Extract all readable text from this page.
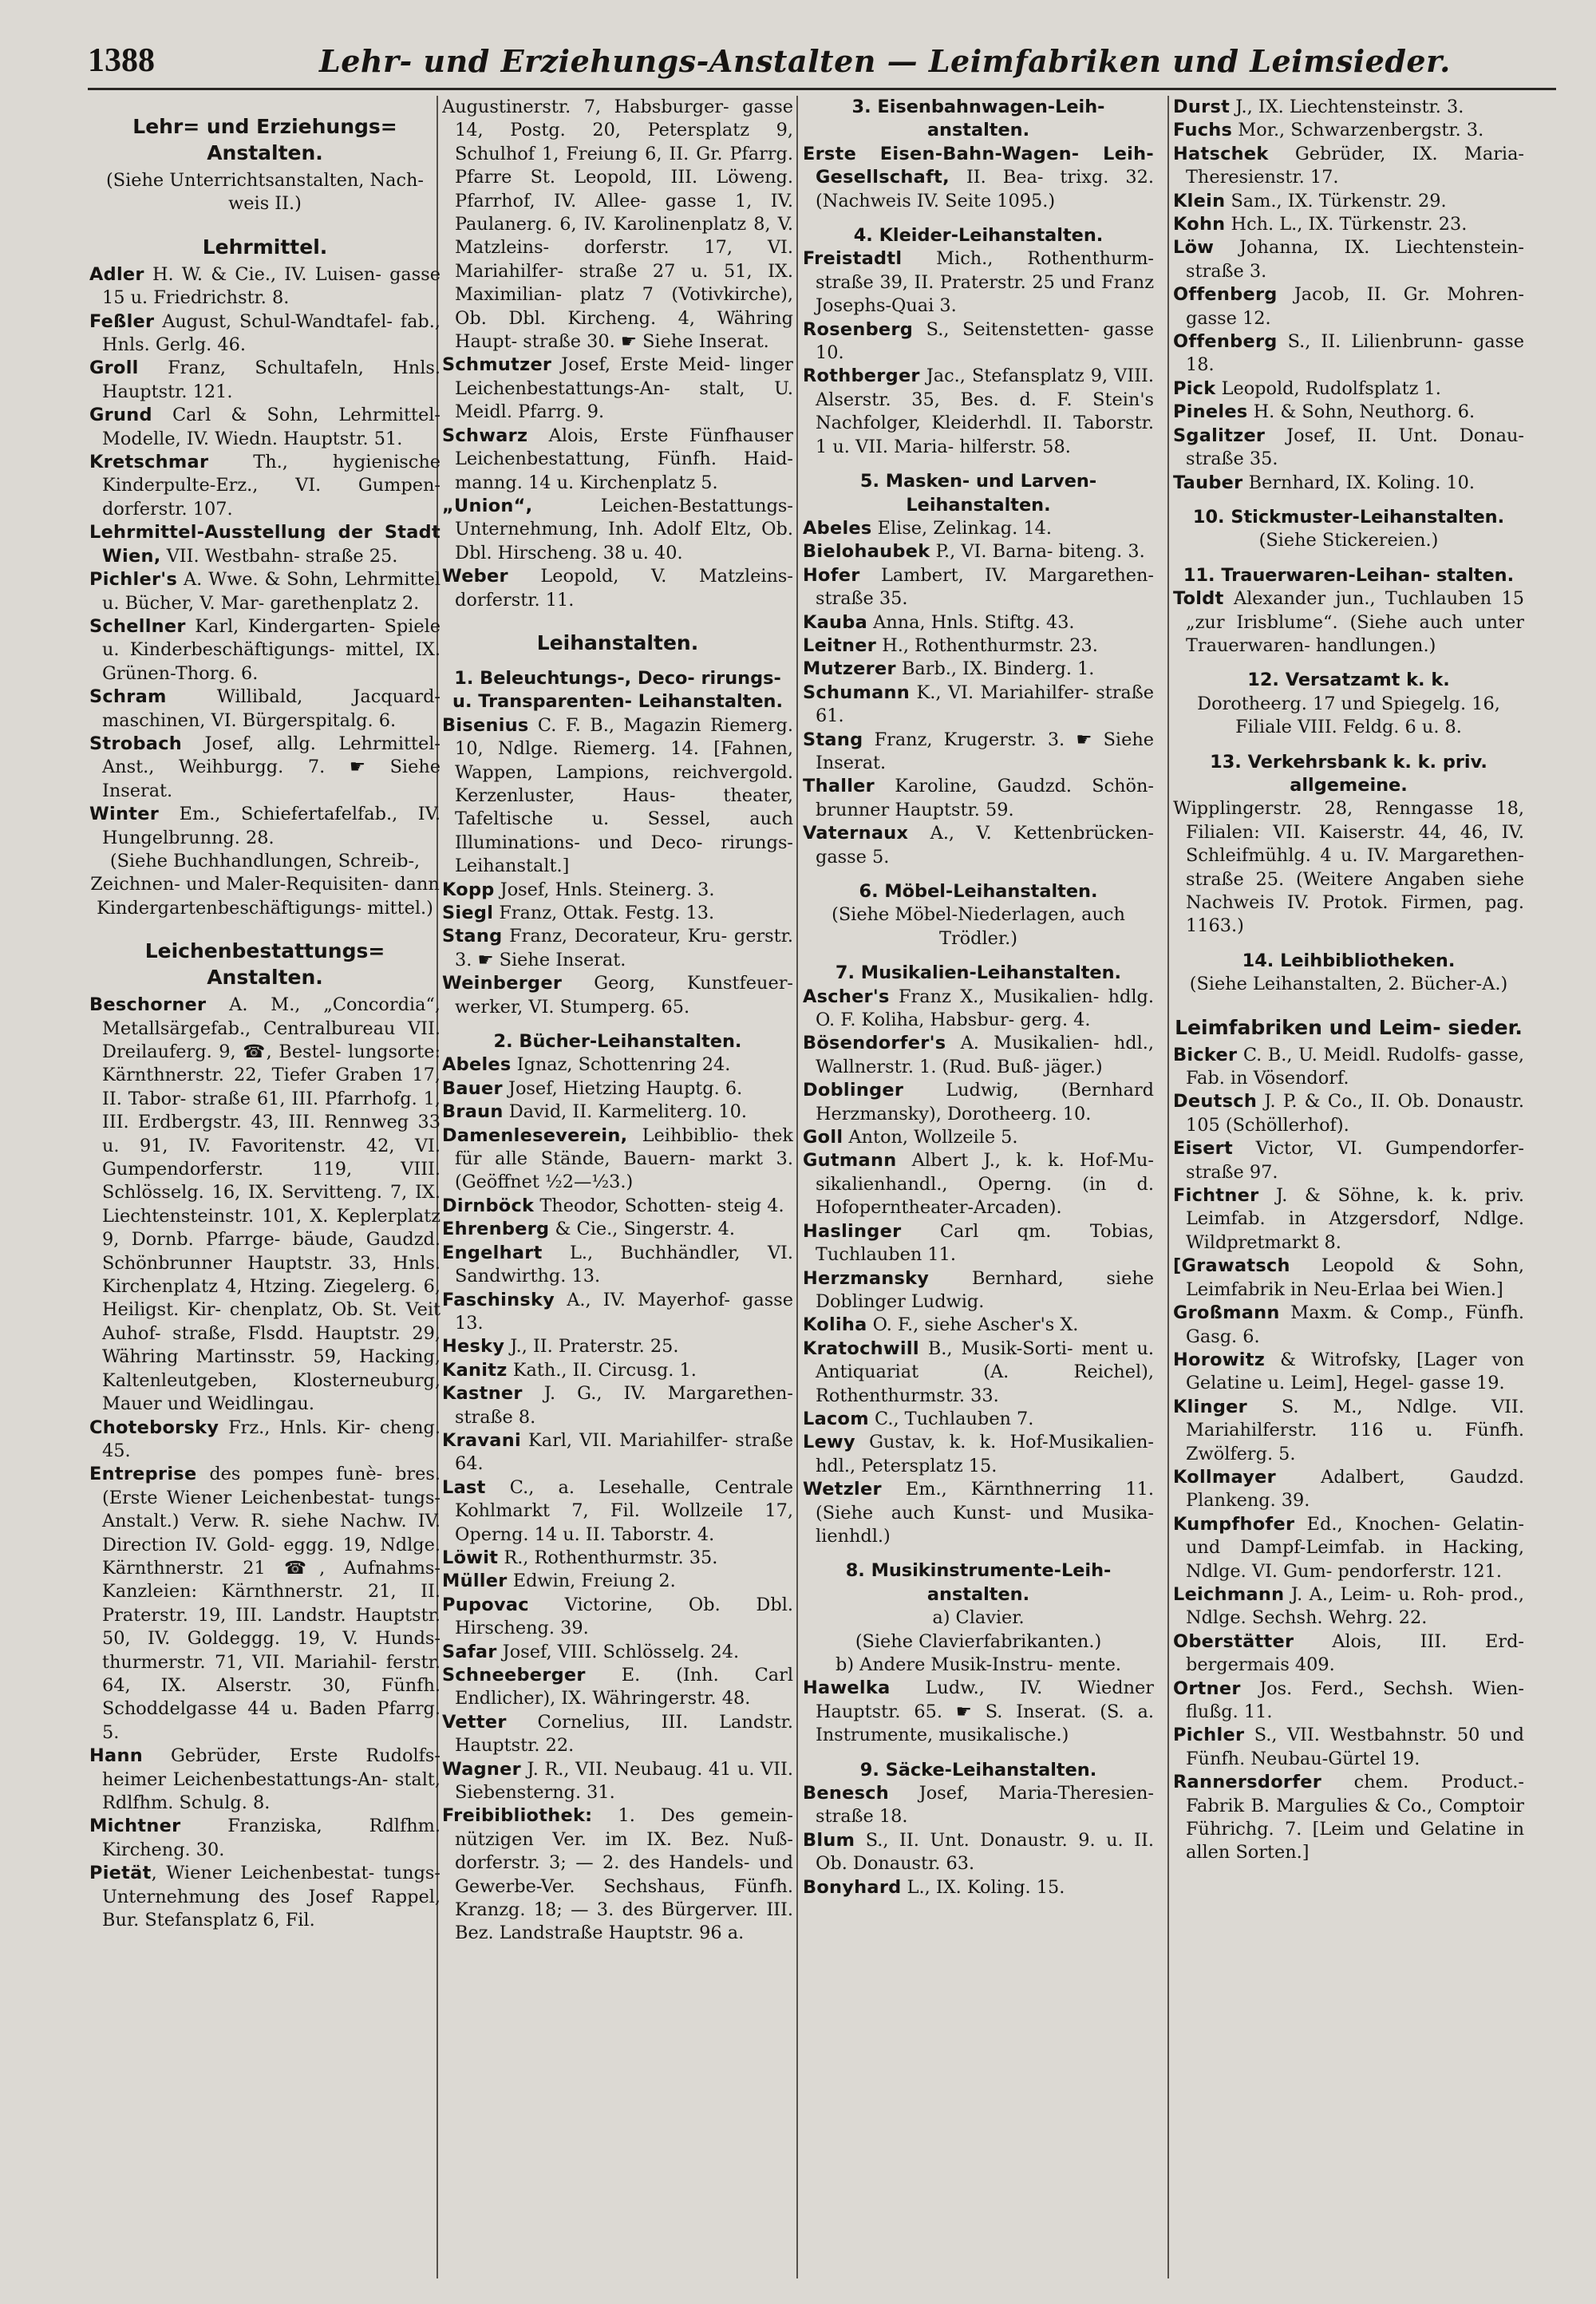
1388	Lehr- und Erziehungs-Anstalten — Leimfabriken und Leimsieder.
Lehr= und Erziehungs= Anstalten.
(Siehe Unterrichtsanstalten, Nach- weis II.)
Lehrmittel.
Adler H. W. & Cie., IV. Luisen- gasse 15 u. Friedrichstr. 8.
Feßler August, Schul-Wandtafel- fab., Hnls. Gerlg. 46.
Groll Franz, Schultafeln, Hnls. Hauptstr. 121.
Grund Carl & Sohn, Lehrmittel- Modelle, IV. Wiedn. Hauptstr. 51.
Kretschmar Th., hygienische Kinderpulte-Erz., VI. Gumpen- dorferstr. 107.
Lehrmittel-Ausstellung der Stadt Wien, VII. Westbahn- straße 25.
Pichler's A. Wwe. & Sohn, Lehrmittel u. Bücher, V. Mar- garethenplatz 2.
Schellner Karl, Kindergarten- Spiele u. Kinderbeschäftigungs- mittel, IX. Grünen-Thorg. 6.
Schram Willibald, Jacquard- maschinen, VI. Bürgerspitalg. 6.
Strobach Josef, allg. Lehrmittel- Anst., Weihburgg. 7. ☛ Siehe Inserat.
Winter Em., Schiefertafelfab., IV. Hungelbrunng. 28.
(Siehe Buchhandlungen, Schreib-, Zeichnen- und Maler-Requisiten- dann Kindergartenbeschäftigungs- mittel.)
Leichenbestattungs= Anstalten.
Beschorner A. M., „Concordia“, Metallsärgefab., Centralbureau VII. Dreilauferg. 9, ☎, Bestel- lungsorte: Kärnthnerstr. 22, Tiefer Graben 17, II. Tabor- straße 61, III. Pfarrhofg. 1, III. Erdbergstr. 43, III. Rennweg 33 u. 91, IV. Favoritenstr. 42, VI. Gumpendorferstr. 119, VIII. Schlösselg. 16, IX. Servitteng. 7, IX. Liechtensteinstr. 101, X. Keplerplatz 9, Dornb. Pfarrge- bäude, Gaudzd. Schönbrunner Hauptstr. 33, Hnls. Kirchenplatz 4, Htzing. Ziegelerg. 6, Heiligst. Kir- chenplatz, Ob. St. Veit Auhof- straße, Flsdd. Hauptstr. 29, Währing Martinsstr. 59, Hacking, Kaltenleutgeben, Klosterneuburg, Mauer und Weidlingau.
Choteborsky Frz., Hnls. Kir- cheng. 45.
Entreprise des pompes funè- bres. (Erste Wiener Leichenbestat- tungs-Anstalt.) Verw. R. siehe Nachw. IV. Direction IV. Gold- eggg. 19, Ndlge. Kärnthnerstr. 21 ☎, Aufnahms-Kanzleien: Kärnthnerstr. 21, II. Praterstr. 19, III. Landstr. Hauptstr. 50, IV. Goldeggg. 19, V. Hunds- thurmerstr. 71, VII. Mariahil- ferstr. 64, IX. Alserstr. 30, Fünfh. Schoddelgasse 44 u. Baden Pfarrg. 5.
Hann Gebrüder, Erste Rudolfs- heimer Leichenbestattungs-An- stalt, Rdlfhm. Schulg. 8.
Michtner Franziska, Rdlfhm. Kircheng. 30.
Pietät, Wiener Leichenbestat- tungs-Unternehmung des Josef Rappel, Bur. Stefansplatz 6, Fil.
Augustinerstr. 7, Habsburger- gasse 14, Postg. 20, Petersplatz 9, Schulhof 1, Freiung 6, II. Gr. Pfarrg. Pfarre St. Leopold, III. Löweng. Pfarrhof, IV. Allee- gasse 1, IV. Paulanerg. 6, IV. Karolinenplatz 8, V. Matzleins- dorferstr. 17, VI. Mariahilfer- straße 27 u. 51, IX. Maximilian- platz 7 (Votivkirche), Ob. Dbl. Kircheng. 4, Währing Haupt- straße 30. ☛ Siehe Inserat.
Schmutzer Josef, Erste Meid- linger Leichenbestattungs-An- stalt, U. Meidl. Pfarrg. 9.
Schwarz Alois, Erste Fünfhauser Leichenbestattung, Fünfh. Haid- manng. 14 u. Kirchenplatz 5.
„Union“, Leichen-Bestattungs- Unternehmung, Inh. Adolf Eltz, Ob. Dbl. Hirscheng. 38 u. 40.
Weber Leopold, V. Matzleins- dorferstr. 11.
Leihanstalten.
1. Beleuchtungs-, Deco- rirungs- u. Transparenten- Leihanstalten.
Bisenius C. F. B., Magazin Riemerg. 10, Ndlge. Riemerg. 14. [Fahnen, Wappen, Lampions, reichvergold. Kerzenluster, Haus- theater, Tafeltische u. Sessel, auch Illuminations- und Deco- rirungs-Leihanstalt.]
Kopp Josef, Hnls. Steinerg. 3.
Siegl Franz, Ottak. Festg. 13.
Stang Franz, Decorateur, Kru- gerstr. 3. ☛ Siehe Inserat.
Weinberger Georg, Kunstfeuer- werker, VI. Stumperg. 65.
2. Bücher-Leihanstalten.
Abeles Ignaz, Schottenring 24.
Bauer Josef, Hietzing Hauptg. 6.
Braun David, II. Karmeliterg. 10.
Damenleseverein, Leihbiblio- thek für alle Stände, Bauern- markt 3. (Geöffnet ½2—½3.)
Dirnböck Theodor, Schotten- steig 4.
Ehrenberg & Cie., Singerstr. 4.
Engelhart L., Buchhändler, VI. Sandwirthg. 13.
Faschinsky A., IV. Mayerhof- gasse 13.
Hesky J., II. Praterstr. 25.
Kanitz Kath., II. Circusg. 1.
Kastner J. G., IV. Margarethen- straße 8.
Kravani Karl, VII. Mariahilfer- straße 64.
Last C., a. Lesehalle, Centrale Kohlmarkt 7, Fil. Wollzeile 17, Operng. 14 u. II. Taborstr. 4.
Löwit R., Rothenthurmstr. 35.
Müller Edwin, Freiung 2.
Pupovac Victorine, Ob. Dbl. Hirscheng. 39.
Safar Josef, VIII. Schlösselg. 24.
Schneeberger E. (Inh. Carl Endlicher), IX. Währingerstr. 48.
Vetter Cornelius, III. Landstr. Hauptstr. 22.
Wagner J. R., VII. Neubaug. 41 u. VII. Siebensterng. 31.
Freibibliothek: 1. Des gemein- nützigen Ver. im IX. Bez. Nuß- dorferstr. 3; — 2. des Handels- und Gewerbe-Ver. Sechshaus, Fünfh. Kranzg. 18; — 3. des Bürgerver. III. Bez. Landstraße Hauptstr. 96 a.
3. Eisenbahnwagen-Leih- anstalten.
Erste Eisen-Bahn-Wagen- Leih-Gesellschaft, II. Bea- trixg. 32. (Nachweis IV. Seite 1095.)
4. Kleider-Leihanstalten.
Freistadtl Mich., Rothenthurm- straße 39, II. Praterstr. 25 und Franz Josephs-Quai 3.
Rosenberg S., Seitenstetten- gasse 10.
Rothberger Jac., Stefansplatz 9, VIII. Alserstr. 35, Bes. d. F. Stein's Nachfolger, Kleiderhdl. II. Taborstr. 1 u. VII. Maria- hilferstr. 58.
5. Masken- und Larven- Leihanstalten.
Abeles Elise, Zelinkag. 14.
Bielohaubek P., VI. Barna- biteng. 3.
Hofer Lambert, IV. Margarethen- straße 35.
Kauba Anna, Hnls. Stiftg. 43.
Leitner H., Rothenthurmstr. 23.
Mutzerer Barb., IX. Binderg. 1.
Schumann K., VI. Mariahilfer- straße 61.
Stang Franz, Krugerstr. 3. ☛ Siehe Inserat.
Thaller Karoline, Gaudzd. Schön- brunner Hauptstr. 59.
Vaternaux A., V. Kettenbrücken- gasse 5.
6. Möbel-Leihanstalten.
(Siehe Möbel-Niederlagen, auch Trödler.)
7. Musikalien-Leihanstalten.
Ascher's Franz X., Musikalien- hdlg. O. F. Koliha, Habsbur- gerg. 4.
Bösendorfer's A. Musikalien- hdl., Wallnerstr. 1. (Rud. Buß- jäger.)
Doblinger Ludwig, (Bernhard Herzmansky), Dorotheerg. 10.
Goll Anton, Wollzeile 5.
Gutmann Albert J., k. k. Hof-Mu- sikalienhandl., Operng. (in d. Hofoperntheater-Arcaden).
Haslinger Carl qm. Tobias, Tuchlauben 11.
Herzmansky Bernhard, siehe Doblinger Ludwig.
Koliha O. F., siehe Ascher's X.
Kratochwill B., Musik-Sorti- ment u. Antiquariat (A. Reichel), Rothenthurmstr. 33.
Lacom C., Tuchlauben 7.
Lewy Gustav, k. k. Hof-Musikalien- hdl., Petersplatz 15.
Wetzler Em., Kärnthnerring 11. (Siehe auch Kunst- und Musika- lienhdl.)
8. Musikinstrumente-Leih- anstalten.
a) Clavier.
(Siehe Clavierfabrikanten.)
b) Andere Musik-Instru- mente.
Hawelka Ludw., IV. Wiedner Hauptstr. 65. ☛ S. Inserat. (S. a. Instrumente, musikalische.)
9. Säcke-Leihanstalten.
Benesch Josef, Maria-Theresien- straße 18.
Blum S., II. Unt. Donaustr. 9. u. II. Ob. Donaustr. 63.
Bonyhard L., IX. Koling. 15.
Durst J., IX. Liechtensteinstr. 3.
Fuchs Mor., Schwarzenbergstr. 3.
Hatschek Gebrüder, IX. Maria- Theresienstr. 17.
Klein Sam., IX. Türkenstr. 29.
Kohn Hch. L., IX. Türkenstr. 23.
Löw Johanna, IX. Liechtenstein- straße 3.
Offenberg Jacob, II. Gr. Mohren- gasse 12.
Offenberg S., II. Lilienbrunn- gasse 18.
Pick Leopold, Rudolfsplatz 1.
Pineles H. & Sohn, Neuthorg. 6.
Sgalitzer Josef, II. Unt. Donau- straße 35.
Tauber Bernhard, IX. Koling. 10.
10. Stickmuster-Leihanstalten.
(Siehe Stickereien.)
11. Trauerwaren-Leihan- stalten.
Toldt Alexander jun., Tuchlauben 15 „zur Irisblume“. (Siehe auch unter Trauerwaren- handlungen.)
12. Versatzamt k. k.
Dorotheerg. 17 und Spiegelg. 16, Filiale VIII. Feldg. 6 u. 8.
13. Verkehrsbank k. k. priv. allgemeine.
Wipplingerstr. 28, Renngasse 18, Filialen: VII. Kaiserstr. 44, 46, IV. Schleifmühlg. 4 u. IV. Margarethen- straße 25. (Weitere Angaben siehe Nachweis IV. Protok. Firmen, pag. 1163.)
14. Leihbibliotheken.
(Siehe Leihanstalten, 2. Bücher-A.)
Leimfabriken und Leim- sieder.
Bicker C. B., U. Meidl. Rudolfs- gasse, Fab. in Vösendorf.
Deutsch J. P. & Co., II. Ob. Donaustr. 105 (Schöllerhof).
Eisert Victor, VI. Gumpendorfer- straße 97.
Fichtner J. & Söhne, k. k. priv. Leimfab. in Atzgersdorf, Ndlge. Wildpretmarkt 8.
[Grawatsch Leopold & Sohn, Leimfabrik in Neu-Erlaa bei Wien.]
Großmann Maxm. & Comp., Fünfh. Gasg. 6.
Horowitz & Witrofsky, [Lager von Gelatine u. Leim], Hegel- gasse 19.
Klinger S. M., Ndlge. VII. Mariahilferstr. 116 u. Fünfh. Zwölferg. 5.
Kollmayer Adalbert, Gaudzd. Plankeng. 39.
Kumpfhofer Ed., Knochen- Gelatin- und Dampf-Leimfab. in Hacking, Ndlge. VI. Gum- pendorferstr. 121.
Leichmann J. A., Leim- u. Roh- prod., Ndlge. Sechsh. Wehrg. 22.
Oberstätter Alois, III. Erd- bergermais 409.
Ortner Jos. Ferd., Sechsh. Wien- flußg. 11.
Pichler S., VII. Westbahnstr. 50 und Fünfh. Neubau-Gürtel 19.
Rannersdorfer chem. Product.- Fabrik B. Margulies & Co., Comptoir Führichg. 7. [Leim und Gelatine in allen Sorten.]
